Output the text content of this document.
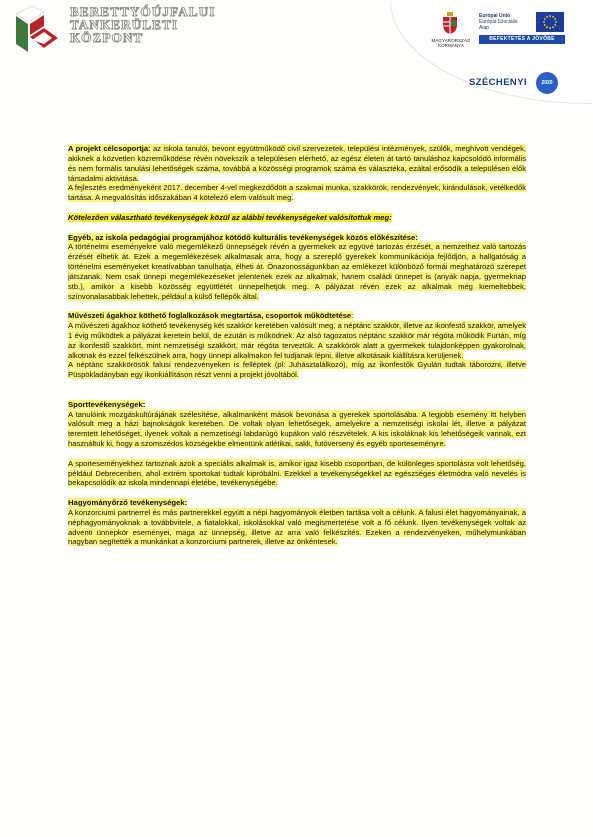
BERETTYÓÚJFALUI
TANKERÜLETI
KÖZPONT	MAGYARORSZÁG
KORMÁNYA
Európai Unió
Európai Szociális
Alap
BEFEKTETÉS A JÖVŐBE
SZÉCHENYI	2020

A projekt célcsoportja: az iskola tanulói, bevont együttműködő civil szervezetek, települési intézmények, szülők, meghívott vendégek, akiknek a közvetlen közreműködése révén növekszik a településen elérhető, az egész életen át tartó tanuláshoz kapcsolódó informális és nem formális tanulási lehetőségek száma, továbbá a közösségi programok száma és választéka, ezáltal erősödik a településen élők társadalmi aktivitása.

A fejlesztés eredményeként 2017. december 4-vel megkezdődött a szakmai munka, szakkörök, rendezvények, kirándulások, vetélkedők tartása. A megvalósítás időszakában 4 kötelező elem valósult meg.

Kötelezően választható tevékenységek közül az alábbi tevékenységeket valósítottuk meg:

Egyéb, az iskola pedagógiai programjához kötődő kulturális tevékenységek közös előkészítése:

A történelmi eseményekre való megemlékező ünnepségek révén a gyermekek az együvé tartozás érzését, a nemzethez való tartozás érzését élhetik át. Ezek a megemlékezések alkalmasak arra, hogy a szereplő gyerekek kommunikációja fejlődjön, a hallgatóság a történelmi eseményeket kreatívabban tanulhatja, élheti át. Önazonosságunkban az emlékezet különböző formái meghatározó szerepet játszanak. Nem csak ünnepi megemlékezéseket jelentenek ezek az alkalmak, hanem családi ünnepet is (anyák napja, gyermeknap stb.), amikor a kisebb közösség együttlétét ünnepelhetjük meg. A pályázat révén ezek az alkalmak még kiemeltebbek, színvonalasabbak lehettek, például a külső fellépők által.

Művészeti ágakhoz köthető foglalkozások megtartása, csoportok működtetése:

A művészeti ágakhoz köthető tevékenység két szakkör keretében valósult meg, a néptánc szakkör, illetve az ikonfestő szakkör, amelyek 1 évig működtek a pályázat keretein belül, de ezután is működnek. Az alsó tagozatos néptánc szakkör már régóta működik Furtán, míg az ikonfestő szakkört, mint nemzetiségi szakkört, már régóta terveztük. A szakkörök alatt a gyermekek tulajdonképpen gyakorolnak, alkotnak és ezzel felkészülnek arra, hogy ünnepi alkalmakon fel tudjanak lépni, illetve alkotásaik kiállításra kerüljenek.

A néptánc szakkörösök falusi rendezvényeken is felléptek (pl: Juhásztalálkozó), míg az ikonfestők Gyulán tudtak táborozni, illetve Püspökladányban egy ikonkiállításon részt venni a projekt jóvoltából.

Sporttevékenységek:

A tanulóink mozgáskultúrájának szélesítése, alkalmanként mások bevonása a gyerekek sportolásába. A legjobb esemény itt helyben valósult meg a házi bajnokságok keretében. De voltak olyan lehetőségek, amelyekre a nemzetiségi iskolai lét, illetve a pályázat teremtett lehetőséget, ilyenek voltak a nemzetiségi labdarúgó kupákon való részvételek. A kis iskoláknak kis lehetőségeik vannak, ezt használtuk ki, hogy a szomszédos községekbe elmentünk atlétikai, sakk, futóverseny és egyéb sporteseményre.

A sporteseményekhez tartoznak azok a speciális alkalmak is, amikor igaz kisebb csoportban, de különleges sportolásra volt lehetőség, például Debrecenben, ahol extrém sportokat tudtak kipróbálni. Ezekkel a tevékenységekkel az egészséges életmódra való nevelés is bekapcsolódik az iskola mindennapi életébe, tevékenységébe.

Hagyományőrző tevékenységek:

A konzorciumi partnerrel és más partnerekkel együtt a népi hagyományok életben tartása volt a célunk. A falusi élet hagyományainak, a néphagyományoknak a továbbvitele, a fiatalokkal, iskolásokkal való megismertetése volt a fő célunk. Ilyen tevékenységek voltak az adventi ünnepkör eseményei, maga az ünnepség, illetve az arra való felkészítés. Ezeken a rendezvényeken, műhelymunkában nagyban segítették a munkánkat a konzorciumi partnerek, illetve az önkéntesek.
